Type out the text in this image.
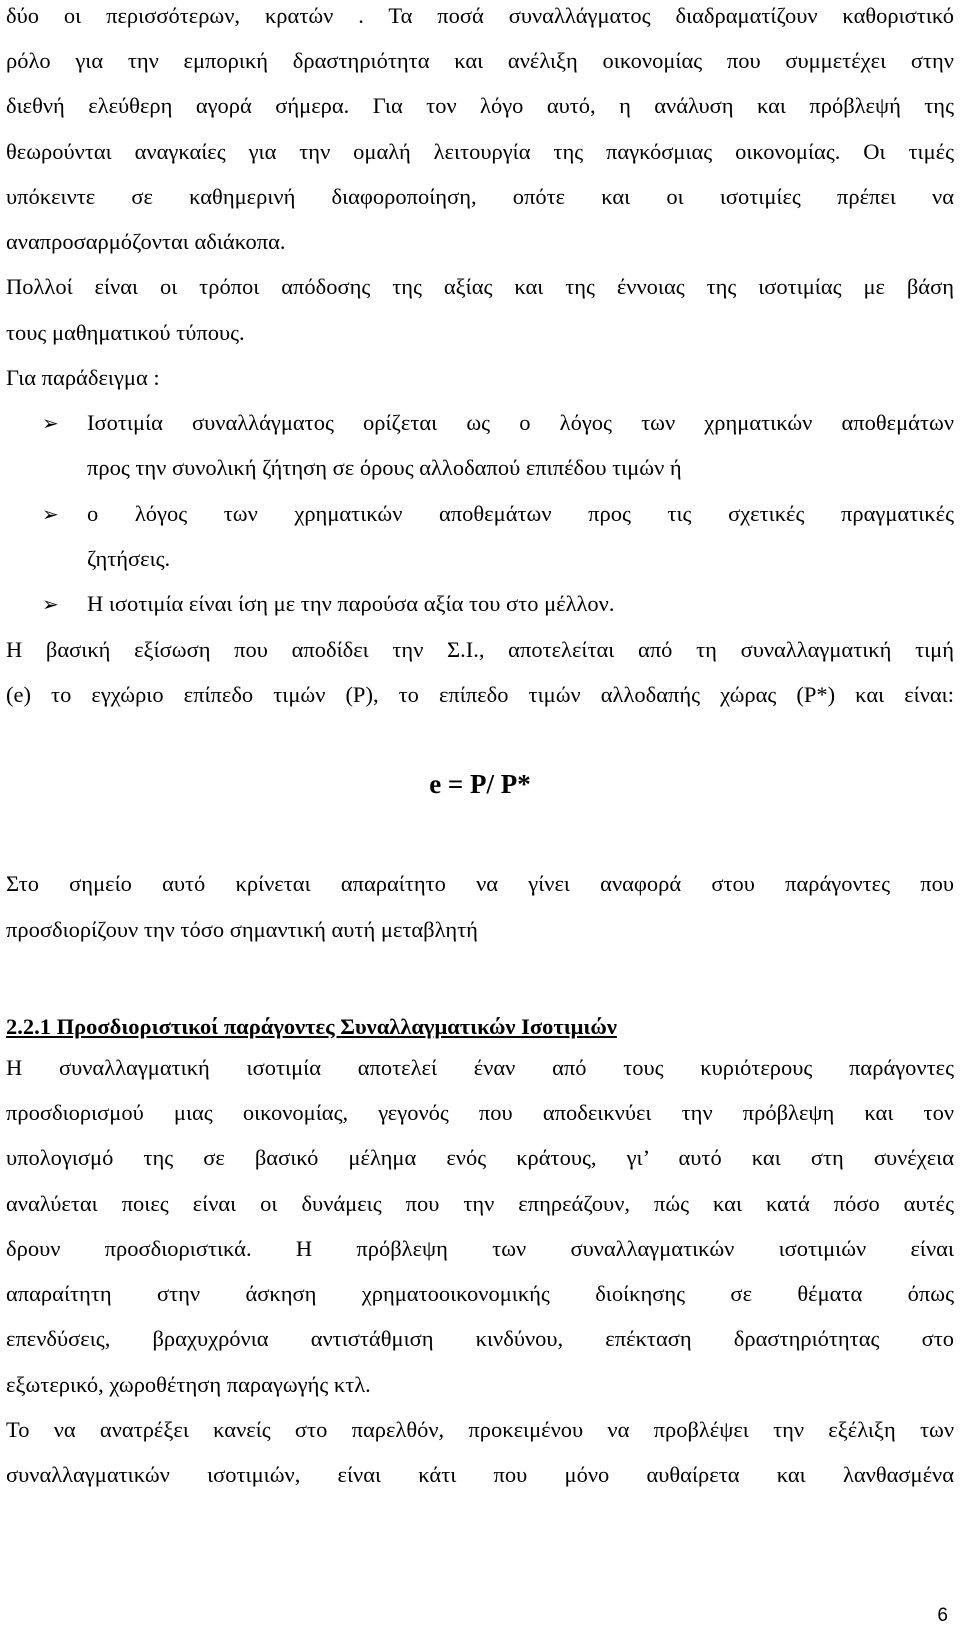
δύο οι περισσότερων, κρατών . Τα ποσά συναλλάγματος διαδραματίζουν καθοριστικό
ρόλο για την εμπορική δραστηριότητα και ανέλιξη οικονομίας που συμμετέχει στην
διεθνή ελεύθερη αγορά σήμερα. Για τον λόγο αυτό, η ανάλυση και πρόβλεψή της
θεωρούνται αναγκαίες για την ομαλή λειτουργία της παγκόσμιας οικονομίας. Οι τιμές
υπόκειντε σε καθημερινή διαφοροποίηση, οπότε και οι ισοτιμίες πρέπει να
αναπροσαρμόζονται αδιάκοπα.
Πολλοί είναι οι τρόποι απόδοσης της αξίας και της έννοιας της ισοτιμίας με βάση
τους μαθηματικού τύπους.
Για παράδειγμα :
➢	Ισοτιμία συναλλάγματος ορίζεται ως ο λόγος των χρηματικών αποθεμάτων
προς την συνολική ζήτηση σε όρους αλλοδαπού επιπέδου τιμών ή
➢	ο λόγος των χρηματικών αποθεμάτων προς τις σχετικές πραγματικές
ζητήσεις.
➢	Η ισοτιμία είναι ίση με την παρούσα αξία του στο μέλλον.
Η βασική εξίσωση που αποδίδει την Σ.Ι., αποτελείται από τη συναλλαγματική τιμή
(e) το εγχώριο επίπεδο τιμών (P), το επίπεδο τιμών αλλοδαπής χώρας (P*) και είναι:
e = P/ P*
Στο σημείο αυτό κρίνεται απαραίτητο να γίνει αναφορά στου παράγοντες που
προσδιορίζουν την τόσο σημαντική αυτή μεταβλητή
2.2.1 Προσδιοριστικοί παράγοντες Συναλλαγματικών Ισοτιμιών
Η συναλλαγματική ισοτιμία αποτελεί έναν από τους κυριότερους παράγοντες
προσδιορισμού μιας οικονομίας, γεγονός που αποδεικνύει την πρόβλεψη και τον
υπολογισμό της σε βασικό μέλημα ενός κράτους, γι’ αυτό και στη συνέχεια
αναλύεται ποιες είναι οι δυνάμεις που την επηρεάζουν, πώς και κατά πόσο αυτές
δρουν προσδιοριστικά. Η πρόβλεψη των συναλλαγματικών ισοτιμιών είναι
απαραίτητη στην άσκηση χρηματοοικονομικής διοίκησης σε θέματα όπως
επενδύσεις, βραχυχρόνια αντιστάθμιση κινδύνου, επέκταση δραστηριότητας στο
εξωτερικό, χωροθέτηση παραγωγής κτλ.
Το να ανατρέξει κανείς στο παρελθόν, προκειμένου να προβλέψει την εξέλιξη των
συναλλαγματικών ισοτιμιών, είναι κάτι που μόνο αυθαίρετα και λανθασμένα
6
